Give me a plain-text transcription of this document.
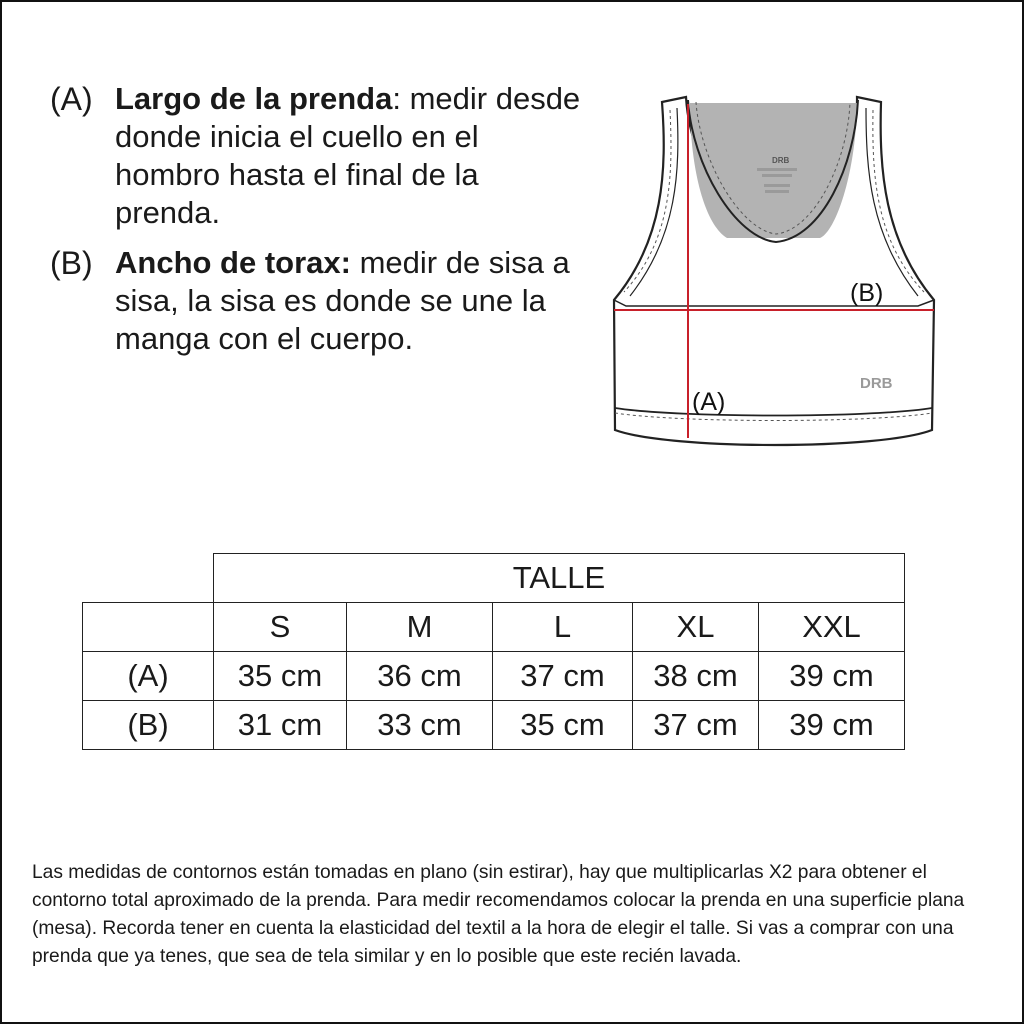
(A) Largo de la prenda: medir desde donde inicia el cuello en el hombro hasta el final de la prenda.
(B) Ancho de torax: medir de sisa a sisa, la sisa es donde se une la manga con el cuerpo.
DRB
(B)
(A)
DRB
	TALLE				
	S	M	L	XL	XXL
(A)	35 cm	36 cm	37 cm	38 cm	39 cm
(B)	31 cm	33 cm	35 cm	37 cm	39 cm

Las medidas de contornos están tomadas en plano (sin estirar), hay que multiplicarlas X2 para obtener el contorno total aproximado de la prenda. Para medir recomendamos colocar la prenda en una superficie plana (mesa). Recorda tener en cuenta la elasticidad del textil a la hora de elegir el talle. Si vas a comprar con una prenda que ya tenes, que sea de tela similar y en lo posible que este recién lavada.
